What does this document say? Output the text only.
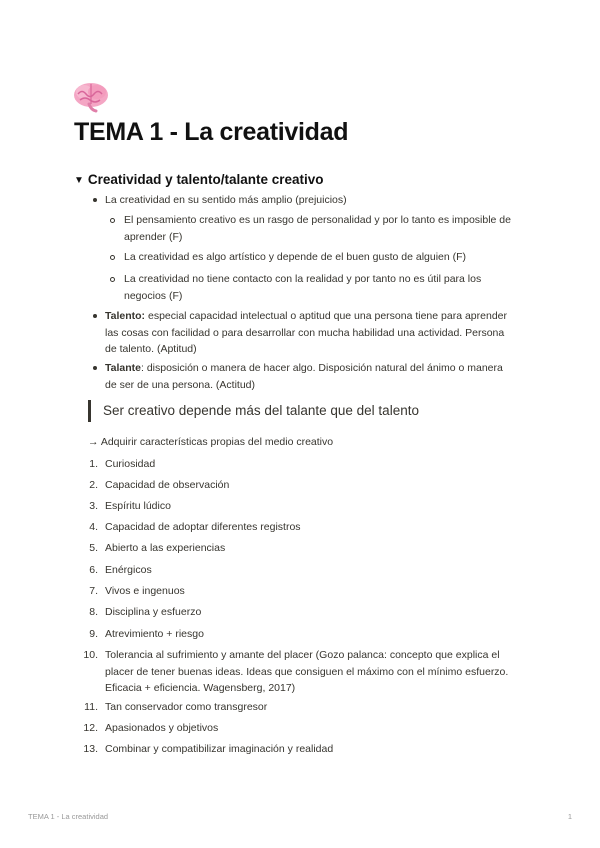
TEMA 1 - La creatividad
▼ Creatividad y talento/talante creativo
La creatividad en su sentido más amplio (prejuicios)
El pensamiento creativo es un rasgo de personalidad y por lo tanto es imposible de
aprender (F)
La creatividad es algo artístico y depende de el buen gusto de alguien (F)
La creatividad no tiene contacto con la realidad y por tanto no es útil para los
negocios (F)
Talento: especial capacidad intelectual o aptitud que una persona tiene para aprender
las cosas con facilidad o para desarrollar con mucha habilidad una actividad. Persona
de talento. (Aptitud)
Talante: disposición o manera de hacer algo. Disposición natural del ánimo o manera
de ser de una persona. (Actitud)
Ser creativo depende más del talante que del talento
→ Adquirir características propias del medio creativo
1. Curiosidad
2. Capacidad de observación
3. Espíritu lúdico
4. Capacidad de adoptar diferentes registros
5. Abierto a las experiencias
6. Enérgicos
7. Vivos e ingenuos
8. Disciplina y esfuerzo
9. Atrevimiento + riesgo
10. Tolerancia al sufrimiento y amante del placer (Gozo palanca: concepto que explica el
placer de tener buenas ideas. Ideas que consiguen el máximo con el mínimo esfuerzo.
Eficacia + eficiencia. Wagensberg, 2017)
11. Tan conservador como transgresor
12. Apasionados y objetivos
13. Combinar y compatibilizar imaginación y realidad
TEMA 1 - La creatividad	1
